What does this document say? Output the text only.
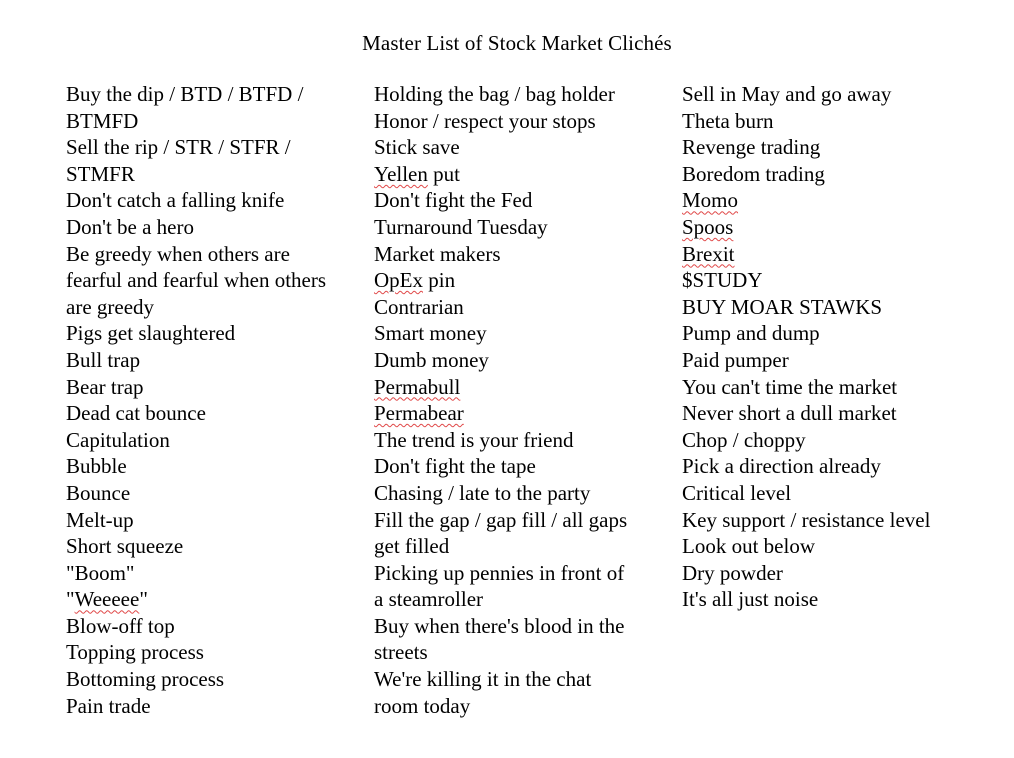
Master List of Stock Market Clichés
Buy the dip / BTD / BTFD /
BTMFD
Sell the rip / STR / STFR /
STMFR
Don't catch a falling knife
Don't be a hero
Be greedy when others are
fearful and fearful when others
are greedy
Pigs get slaughtered
Bull trap
Bear trap
Dead cat bounce
Capitulation
Bubble
Bounce
Melt-up
Short squeeze
"Boom"
"Weeeee"
Blow-off top
Topping process
Bottoming process
Pain trade
Holding the bag / bag holder
Honor / respect your stops
Stick save
Yellen put
Don't fight the Fed
Turnaround Tuesday
Market makers
OpEx pin
Contrarian
Smart money
Dumb money
Permabull
Permabear
The trend is your friend
Don't fight the tape
Chasing / late to the party
Fill the gap / gap fill / all gaps
get filled
Picking up pennies in front of
a steamroller
Buy when there's blood in the
streets
We're killing it in the chat
room today
Sell in May and go away
Theta burn
Revenge trading
Boredom trading
Momo
Spoos
Brexit
$STUDY
BUY MOAR STAWKS
Pump and dump
Paid pumper
You can't time the market
Never short a dull market
Chop / choppy
Pick a direction already
Critical level
Key support / resistance level
Look out below
Dry powder
It's all just noise
